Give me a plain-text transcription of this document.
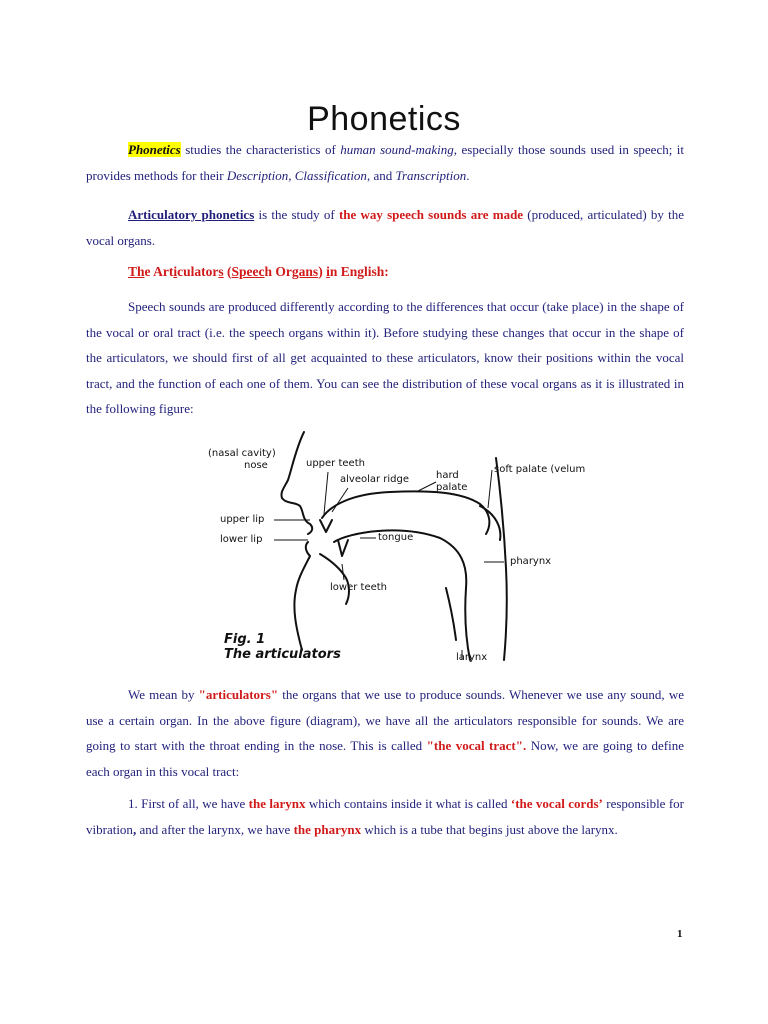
Phonetics

Phonetics studies the characteristics of human sound-making, especially those sounds used in speech; it provides methods for their Description, Classification, and Transcription.

Articulatory phonetics is the study of the way speech sounds are made (produced, articulated) by the vocal organs.

The Articulators (Speech Organs) in English:

Speech sounds are produced differently according to the differences that occur (take place) in the shape of the vocal or oral tract (i.e. the speech organs within it). Before studying these changes that occur in the shape of the articulators, we should first of all get acquainted to these articulators, know their positions within the vocal tract, and the function of each one of them. You can see the distribution of these vocal organs as it is illustrated in the following figure:

(nasal cavity)
nose	upper teeth
alveolar ridge	hard
palate
soft palate (velum
upper lip
lower lip	tongue
pharynx
lower teeth
larynx
Fig. 1
The articulators

We mean by "articulators" the organs that we use to produce sounds. Whenever we use any sound, we use a certain organ. In the above figure (diagram), we have all the articulators responsible for sounds. We are going to start with the throat ending in the nose. This is called "the vocal tract". Now, we are going to define each organ in this vocal tract:

1. First of all, we have the larynx which contains inside it what is called ‘the vocal cords’ responsible for vibration, and after the larynx, we have the pharynx which is a tube that begins just above the larynx.

1
